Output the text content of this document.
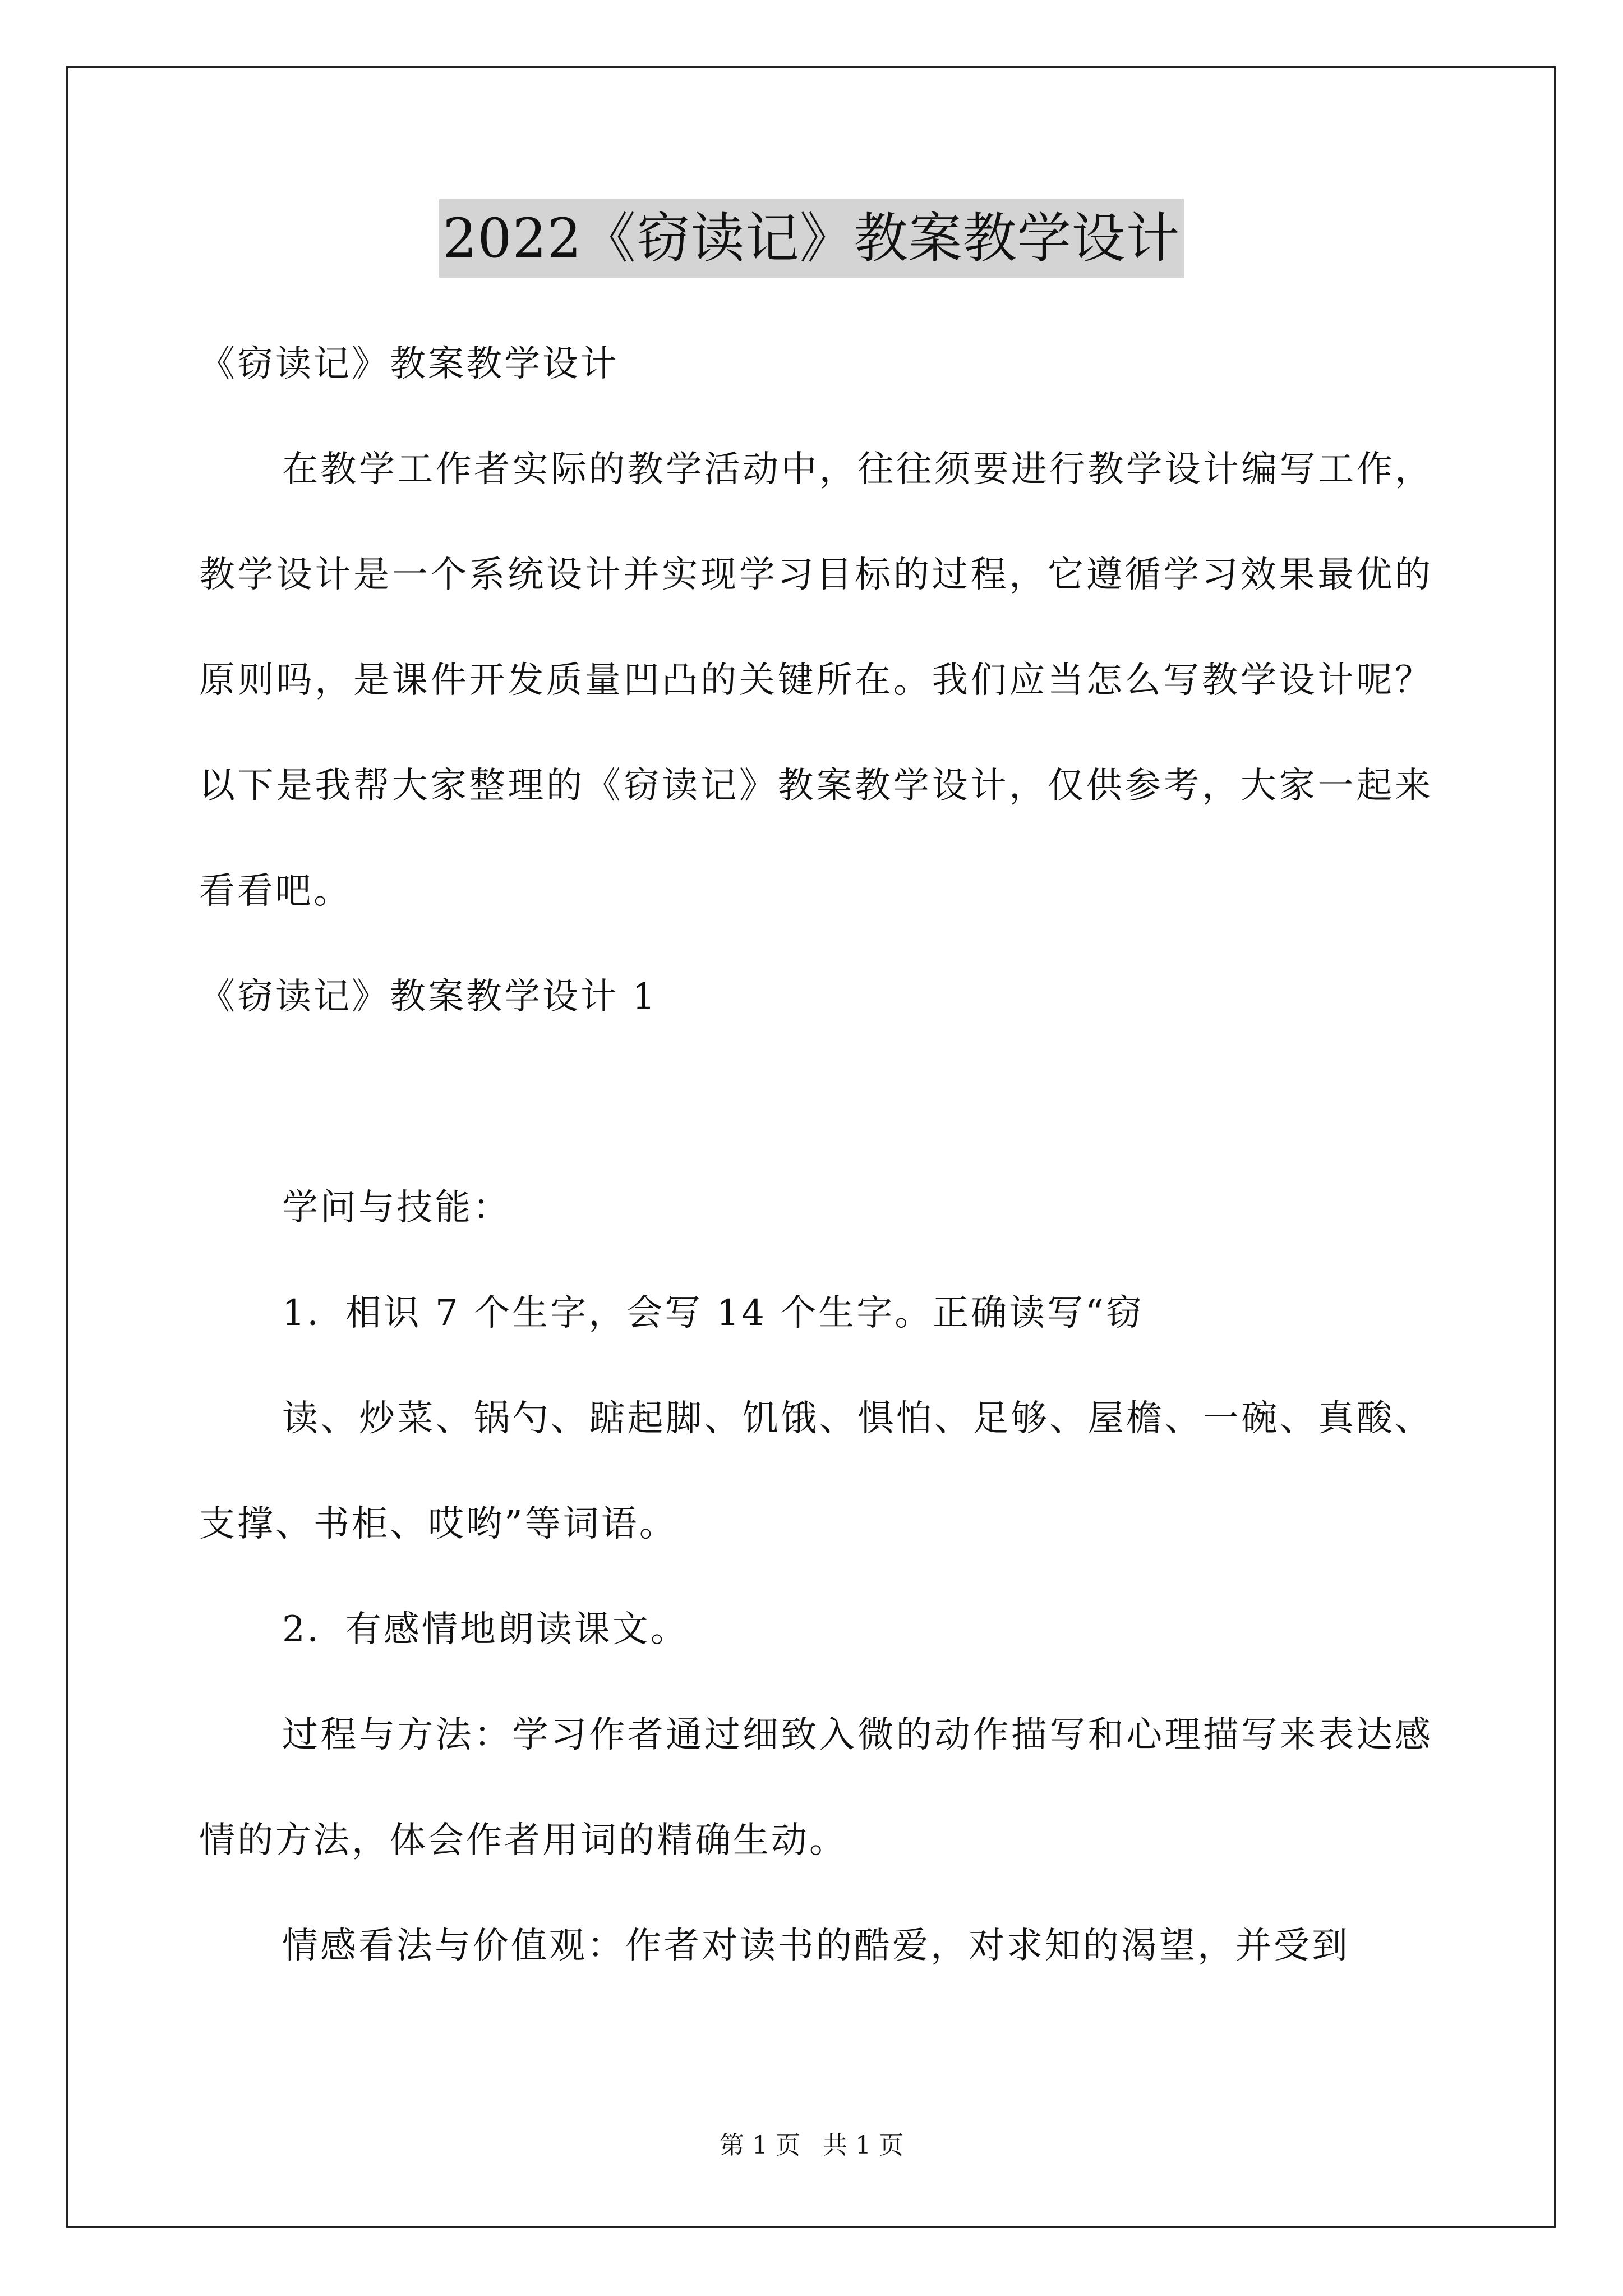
2022《窃读记》教案教学设计

《窃读记》教案教学设计

在教学工作者实际的教学活动中，往往须要进行教学设计编写工作，教学设计是一个系统设计并实现学习目标的过程，它遵循学习效果最优的原则吗，是课件开发质量凹凸的关键所在。我们应当怎么写教学设计呢？以下是我帮大家整理的《窃读记》教案教学设计，仅供参考，大家一起来看看吧。

《窃读记》教案教学设计 1

学问与技能：

1．相识 7 个生字，会写 14 个生字。正确读写“窃

读、炒菜、锅勺、踮起脚、饥饿、惧怕、足够、屋檐、一碗、真酸、支撑、书柜、哎哟”等词语。

2．有感情地朗读课文。

过程与方法：学习作者通过细致入微的动作描写和心理描写来表达感情的方法，体会作者用词的精确生动。

情感看法与价值观：作者对读书的酷爱，对求知的渴望，并受到

第 1 页 共 1 页
